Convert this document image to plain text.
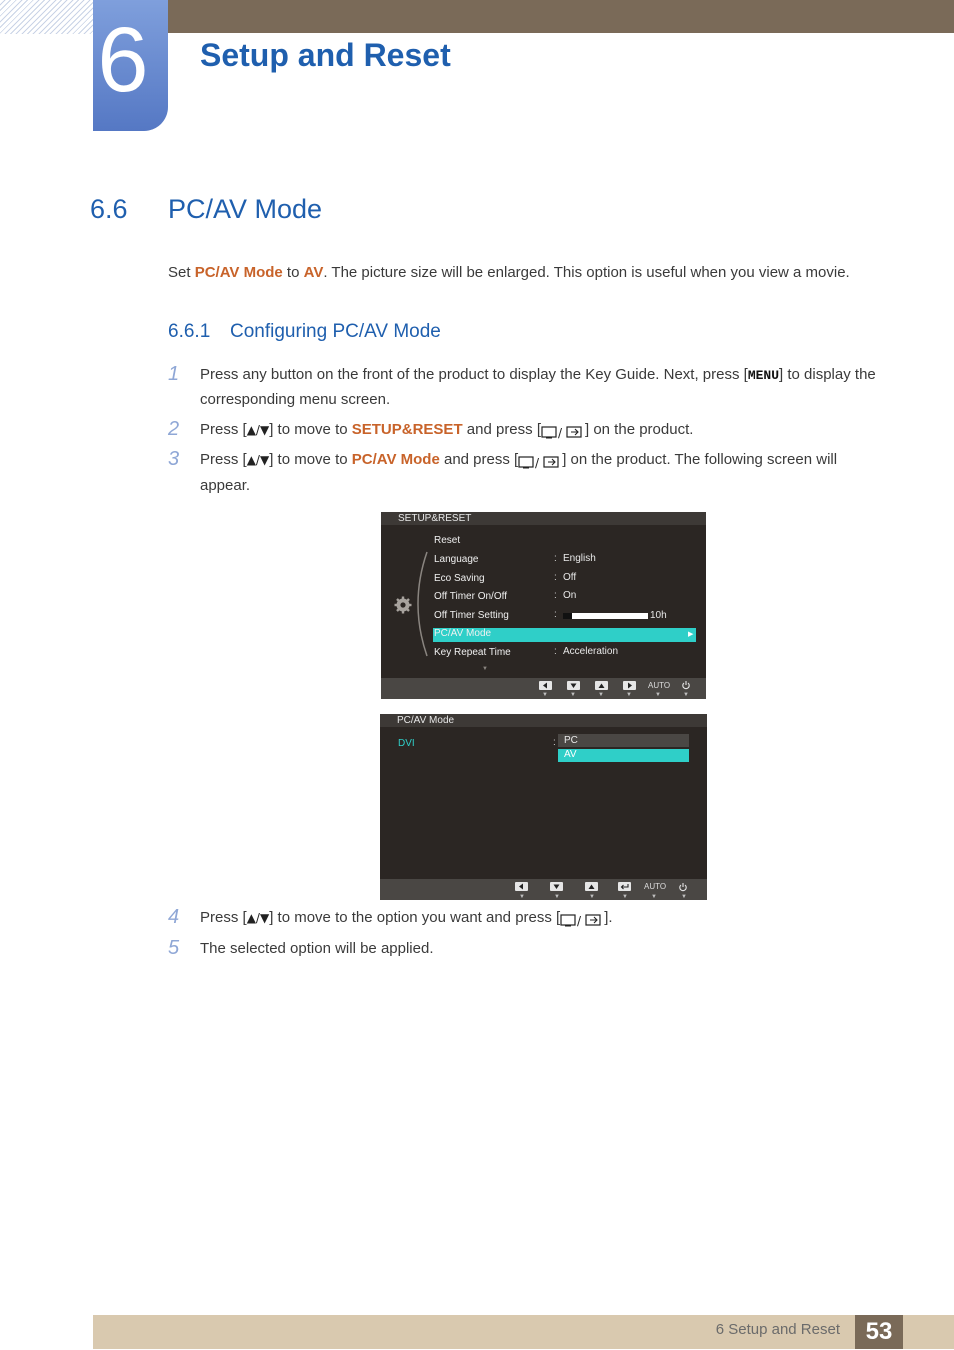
6 Setup and Reset
6.6 PC/AV Mode
Set PC/AV Mode to AV. The picture size will be enlarged. This option is useful when you view a movie.
6.6.1 Configuring PC/AV Mode
1	Press any button on the front of the product to display the Key Guide. Next, press [MENU] to display the corresponding menu screen.
2	Press [▲/▼] to move to SETUP&RESET and press [ / ] on the product.
3	Press [▲/▼] to move to PC/AV Mode and press [ / ] on the product. The following screen will appear.
SETUP&RESET
▶
Reset
Language	: English
Eco Saving	: Off
Off Timer On/Off	: On
Off Timer Setting	:	10h
PC/AV Mode
Key Repeat Time	: Acceleration
▼
AUTO
▼	▼	▼	▼	▼	▼
PC/AV Mode
DVI	: PC
AV
AUTO
▼	▼	▼	▼	▼	▼
4	Press [▲/▼] to move to the option you want and press [ / ].
5	The selected option will be applied.
6 Setup and Reset	53
